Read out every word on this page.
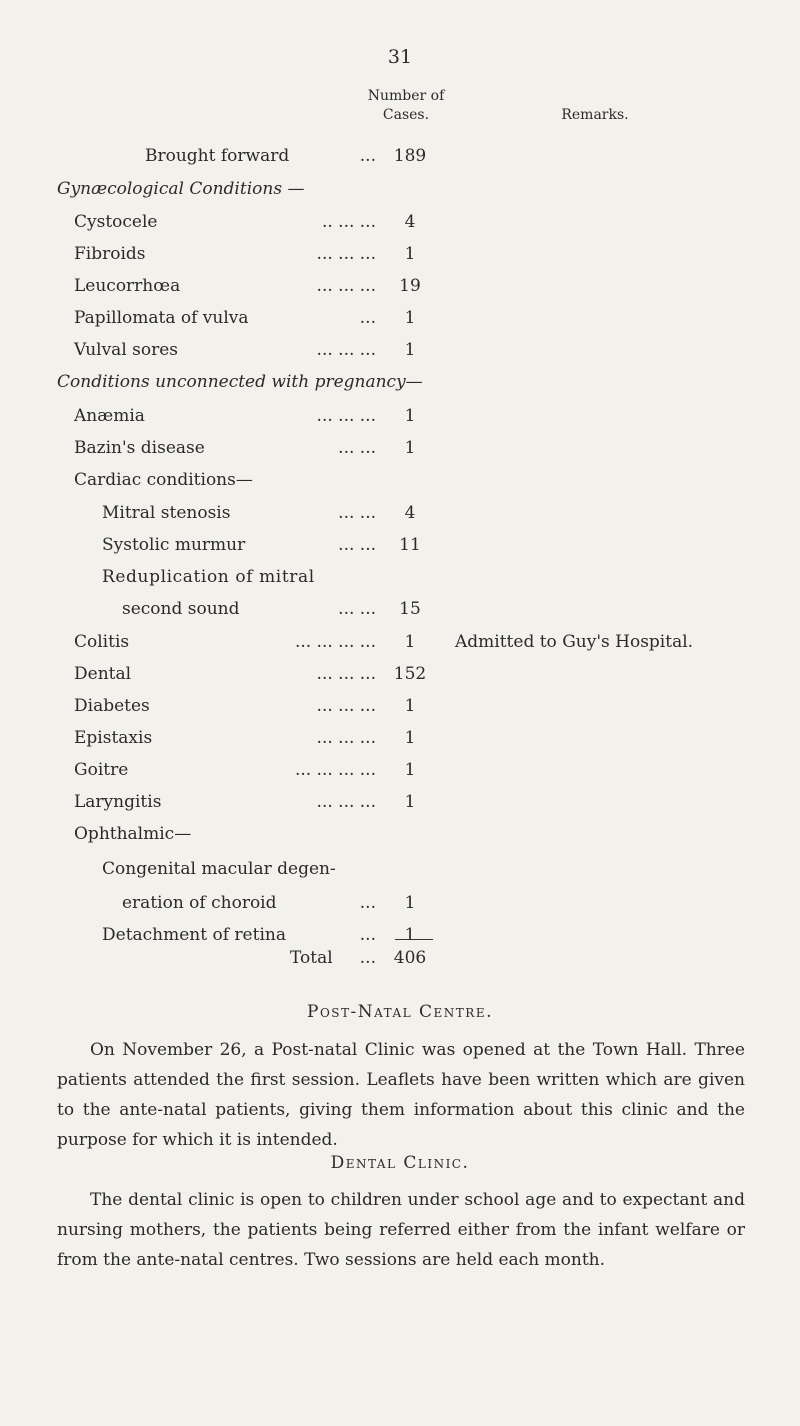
31
Number of
Cases.	Remarks.
Brought forward	...	189
Gynæcological Conditions —
Cystocele	.. ... ...	4
Fibroids	... ... ...	1
Leucorrhœa	... ... ...	19
Papillomata of vulva	...	1
Vulval sores	... ... ...	1
Conditions unconnected with pregnancy—
Anæmia	... ... ...	1
Bazin's disease	... ...	1
Cardiac conditions—
Mitral stenosis	... ...	4
Systolic murmur	... ...	11
Reduplication of mitral
second sound	... ...	15
Colitis	... ... ... ...	1	Admitted to Guy's Hospital.
Dental	... ... ...	152
Diabetes	... ... ...	1
Epistaxis	... ... ...	1
Goitre	... ... ... ...	1
Laryngitis	... ... ...	1
Ophthalmic—
Congenital macular degen-
eration of choroid	...	1
Detachment of retina	...	1
Total ...	406
Post-Natal Centre.

On November 26, a Post-natal Clinic was opened at the Town Hall. Three patients attended the first session. Leaflets have been written which are given to the ante-natal patients, giving them information about this clinic and the purpose for which it is intended.

Dental Clinic.

The dental clinic is open to children under school age and to expectant and nursing mothers, the patients being referred either from the infant welfare or from the ante-natal centres. Two sessions are held each month.
